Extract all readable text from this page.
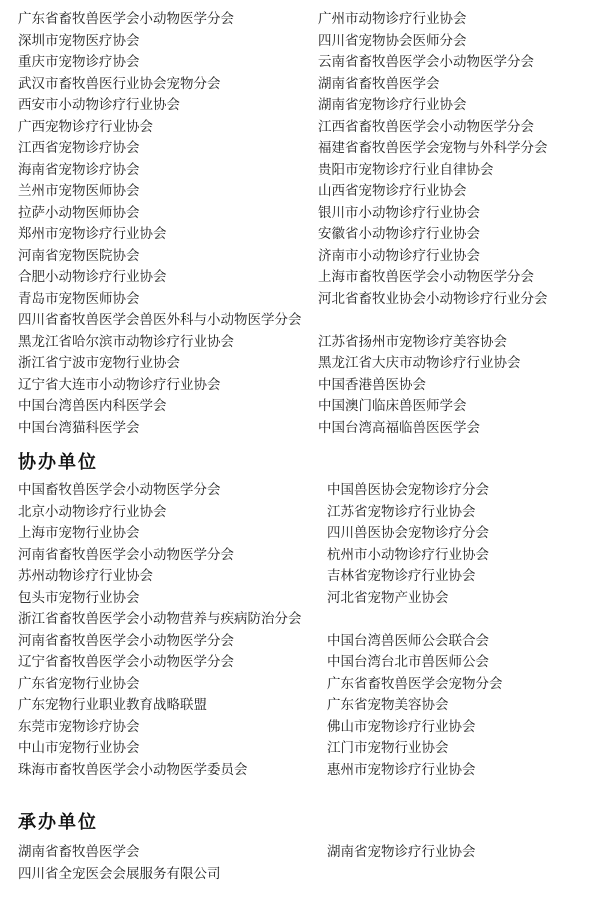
广东省畜牧兽医学会小动物医学分会	广州市动物诊疗行业协会
深圳市宠物医疗协会	四川省宠物协会医师分会
重庆市宠物诊疗协会	云南省畜牧兽医学会小动物医学分会
武汉市畜牧兽医行业协会宠物分会	湖南省畜牧兽医学会
西安市小动物诊疗行业协会	湖南省宠物诊疗行业协会
广西宠物诊疗行业协会	江西省畜牧兽医学会小动物医学分会
江西省宠物诊疗协会	福建省畜牧兽医学会宠物与外科学分会
海南省宠物诊疗协会	贵阳市宠物诊疗行业自律协会
兰州市宠物医师协会	山西省宠物诊疗行业协会
拉萨小动物医师协会	银川市小动物诊疗行业协会
郑州市宠物诊疗行业协会	安徽省小动物诊疗行业协会
河南省宠物医院协会	济南市小动物诊疗行业协会
合肥小动物诊疗行业协会	上海市畜牧兽医学会小动物医学分会
青岛市宠物医师协会	河北省畜牧业协会小动物诊疗行业分会
四川省畜牧兽医学会兽医外科与小动物医学分会
黑龙江省哈尔滨市动物诊疗行业协会	江苏省扬州市宠物诊疗美容协会
浙江省宁波市宠物行业协会	黑龙江省大庆市动物诊疗行业协会
辽宁省大连市小动物诊疗行业协会	中国香港兽医协会
中国台湾兽医内科医学会	中国澳门临床兽医师学会
中国台湾猫科医学会	中国台湾高福临兽医医学会
协办单位
中国畜牧兽医学会小动物医学分会	中国兽医协会宠物诊疗分会
北京小动物诊疗行业协会	江苏省宠物诊疗行业协会
上海市宠物行业协会	四川兽医协会宠物诊疗分会
河南省畜牧兽医学会小动物医学分会	杭州市小动物诊疗行业协会
苏州动物诊疗行业协会	吉林省宠物诊疗行业协会
包头市宠物行业协会	河北省宠物产业协会
浙江省畜牧兽医学会小动物营养与疾病防治分会
河南省畜牧兽医学会小动物医学分会	中国台湾兽医师公会联合会
辽宁省畜牧兽医学会小动物医学分会	中国台湾台北市兽医师公会
广东省宠物行业协会	广东省畜牧兽医学会宠物分会
广东宠物行业职业教育战略联盟	广东省宠物美容协会
东莞市宠物诊疗协会	佛山市宠物诊疗行业协会
中山市宠物行业协会	江门市宠物行业协会
珠海市畜牧兽医学会小动物医学委员会	惠州市宠物诊疗行业协会
承办单位
湖南省畜牧兽医学会	湖南省宠物诊疗行业协会
四川省全宠医会会展服务有限公司
